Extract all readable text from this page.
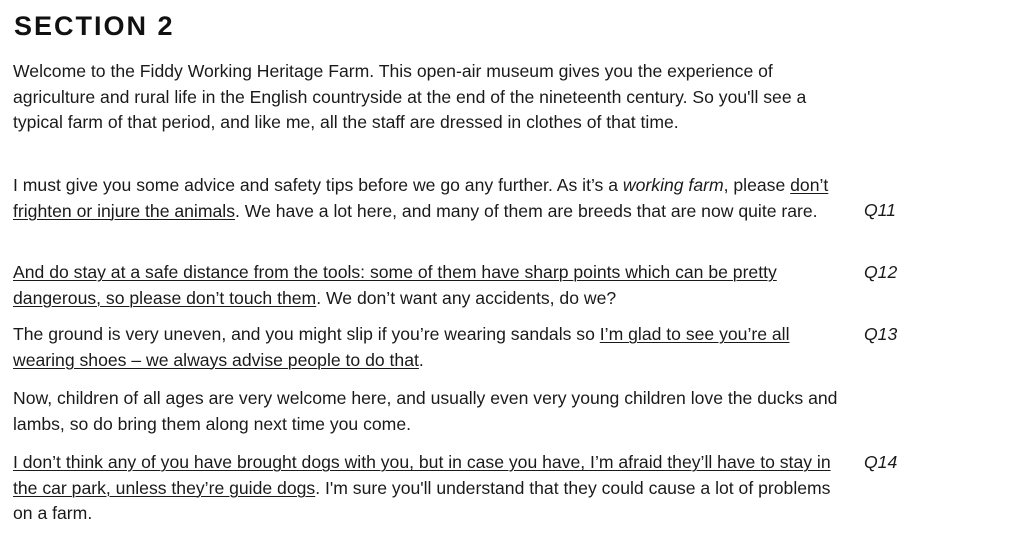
SECTION 2

Welcome to the Fiddy Working Heritage Farm. This open-air museum gives you the experience of agriculture and rural life in the English countryside at the end of the nineteenth century. So you'll see a typical farm of that period, and like me, all the staff are dressed in clothes of that time.

I must give you some advice and safety tips before we go any further. As it’s a working farm, please don’t frighten or injure the animals. We have a lot here, and many of them are breeds that are now quite rare.

And do stay at a safe distance from the tools: some of them have sharp points which can be pretty dangerous, so please don’t touch them. We don’t want any accidents, do we?

The ground is very uneven, and you might slip if you’re wearing sandals so I’m glad to see you’re all wearing shoes – we always advise people to do that.

Now, children of all ages are very welcome here, and usually even very young children love the ducks and lambs, so do bring them along next time you come.

I don’t think any of you have brought dogs with you, but in case you have, I’m afraid they’ll have to stay in the car park, unless they’re guide dogs. I'm sure you'll understand that they could cause a lot of problems on a farm.

Q11
Q12
Q13
Q14
